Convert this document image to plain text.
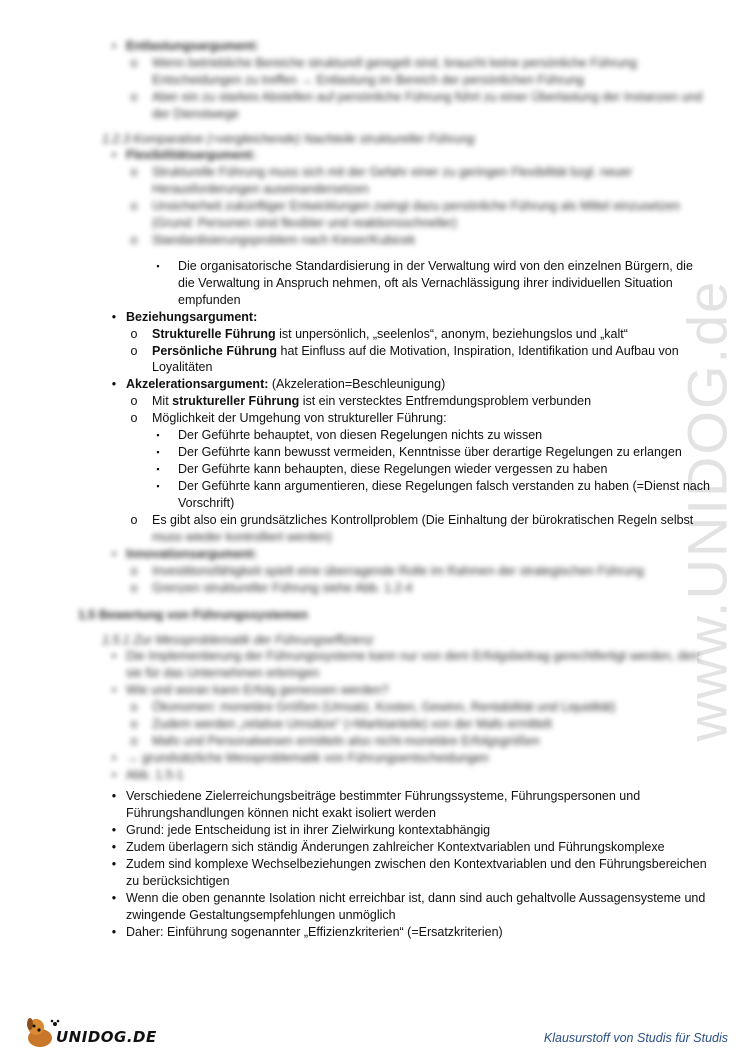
www.UNIDOG.de
• Entlastungsargument:
o Wenn betriebliche Bereiche strukturell geregelt sind, braucht keine persönliche Führung
Entscheidungen zu treffen → Entlastung im Bereich der persönlichen Führung
o Aber ein zu starkes Abstellen auf persönliche Führung führt zu einer Überlastung der Instanzen und
der Dienstwege
1.2.3 Komparative (=vergleichende) Nachteile struktureller Führung
• Flexibilitätsargument:
o Strukturelle Führung muss sich mit der Gefahr einer zu geringen Flexibilität bzgl. neuer
Herausforderungen auseinandersetzen
o Unsicherheit zukünftiger Entwicklungen zwingt dazu persönliche Führung als Mittel einzusetzen
(Grund: Personen sind flexibler und reaktionsschneller)
o Standardisierungsproblem nach Kieser/Kubicek
▪	Die organisatorische Standardisierung in der Verwaltung wird von den einzelnen Bürgern, die
die Verwaltung in Anspruch nehmen, oft als Vernachlässigung ihrer individuellen Situation
empfunden
• Beziehungsargument:
o Strukturelle Führung ist unpersönlich, „seelenlos“, anonym, beziehungslos und „kalt“
o Persönliche Führung hat Einfluss auf die Motivation, Inspiration, Identifikation und Aufbau von
Loyalitäten
• Akzelerationsargument: (Akzeleration=Beschleunigung)
o Mit struktureller Führung ist ein verstecktes Entfremdungsproblem verbunden
o Möglichkeit der Umgehung von struktureller Führung:
▪	Der Geführte behauptet, von diesen Regelungen nichts zu wissen
▪	Der Geführte kann bewusst vermeiden, Kenntnisse über derartige Regelungen zu erlangen
▪	Der Geführte kann behaupten, diese Regelungen wieder vergessen zu haben
▪	Der Geführte kann argumentieren, diese Regelungen falsch verstanden zu haben (=Dienst nach
Vorschrift)
o Es gibt also ein grundsätzliches Kontrollproblem (Die Einhaltung der bürokratischen Regeln selbst
muss wieder kontrolliert werden)
• Innovationsargument:
o Investitionsfähigkeit spielt eine überragende Rolle im Rahmen der strategischen Führung
o Grenzen struktureller Führung siehe Abb. 1.2-4
1.5 Bewertung von Führungssystemen
1.5.1 Zur Messproblematik der Führungseffizienz
• Die Implementierung der Führungssysteme kann nur von dem Erfolgsbeitrag gerechtfertigt werden, den
sie für das Unternehmen erbringen
• Wie und woran kann Erfolg gemessen werden?
o Ökonomen: monetäre Größen (Umsatz, Kosten, Gewinn, Rentabilität und Liquidität)
o Zudem werden „relative Umsätze“ (=Marktanteile) von der Mafo ermittelt
o Mafo und Personalwesen ermitteln also nicht-monetäre Erfolgsgrößen
• → grundsätzliche Messproblematik von Führungsentscheidungen
• Abb. 1.5-1
• Verschiedene Zielerreichungsbeiträge bestimmter Führungssysteme, Führungspersonen und
Führungshandlungen können nicht exakt isoliert werden
• Grund: jede Entscheidung ist in ihrer Zielwirkung kontextabhängig
• Zudem überlagern sich ständig Änderungen zahlreicher Kontextvariablen und Führungskomplexe
• Zudem sind komplexe Wechselbeziehungen zwischen den Kontextvariablen und den Führungsbereichen
zu berücksichtigen
• Wenn die oben genannte Isolation nicht erreichbar ist, dann sind auch gehaltvolle Aussagensysteme und
zwingende Gestaltungsempfehlungen unmöglich
• Daher: Einführung sogenannter „Effizienzkriterien“ (=Ersatzkriterien)
UNIDOG.DE	Klausurstoff von Studis für Studis
